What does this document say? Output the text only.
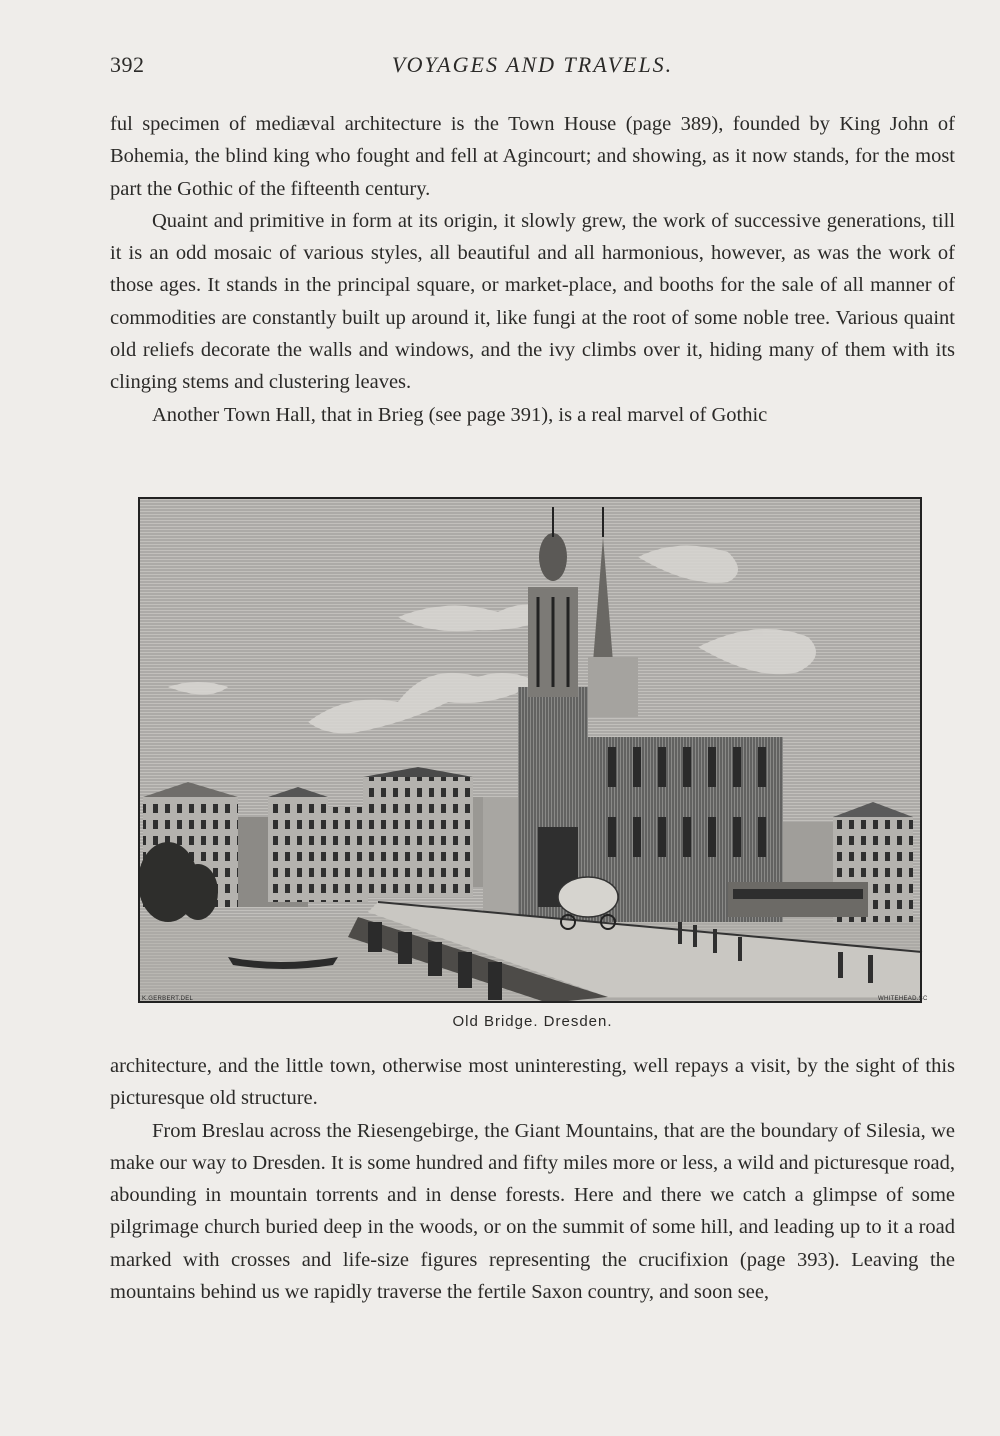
392	VOYAGES AND TRAVELS.

ful specimen of mediæval architecture is the Town House (page 389), founded by King John of Bohemia, the blind king who fought and fell at Agincourt; and showing, as it now stands, for the most part the Gothic of the fifteenth century.

Quaint and primitive in form at its origin, it slowly grew, the work of successive generations, till it is an odd mosaic of various styles, all beautiful and all harmonious, however, as was the work of those ages. It stands in the principal square, or market-place, and booths for the sale of all manner of commodities are constantly built up around it, like fungi at the root of some noble tree. Various quaint old reliefs decorate the walls and windows, and the ivy climbs over it, hiding many of them with its clinging stems and clustering leaves.

Another Town Hall, that in Brieg (see page 391), is a real marvel of Gothic

K.GERBERT.DEL	WHITEHEAD.SC
Old Bridge. Dresden.

architecture, and the little town, otherwise most uninteresting, well repays a visit, by the sight of this picturesque old structure.

From Breslau across the Riesengebirge, the Giant Mountains, that are the boundary of Silesia, we make our way to Dresden. It is some hundred and fifty miles more or less, a wild and picturesque road, abounding in mountain torrents and in dense forests. Here and there we catch a glimpse of some pilgrimage church buried deep in the woods, or on the summit of some hill, and leading up to it a road marked with crosses and life-size figures representing the crucifixion (page 393). Leaving the mountains behind us we rapidly traverse the fertile Saxon country, and soon see,
